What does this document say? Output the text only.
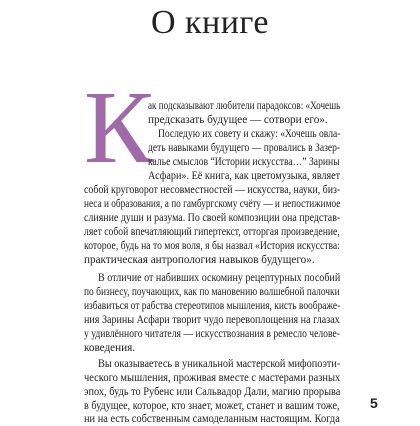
О книге
К

ак подсказывают любители парадоксов: «Хочешь

предсказать будущее — сотвори его».

Последую их совету и скажу: «Хочешь овла-

деть навыками будущего — провались в Зазер-

калье смыслов “Истории искусства…” Зарины

Асфари». Её книга, как цветомузыка, являет

собой круговорот несовместностей — искусства, науки, биз-

неса и образования, а по гамбургскому счёту — и непостижимое

слияние души и разума. По своей композиции она представ-

ляет собой впечатляющий гипертекст, отторгая произведение,

которое, будь на то моя воля, я бы назвал «История искусства:

практическая антропология навыков будущего».

В отличие от набивших оскомину рецептурных пособий

по бизнесу, поучающих, как по мановению волшебной палочки

избавиться от рабства стереотипов мышления, кисть воображе-

ния Зарины Асфари творит чудо перевоплощения на глазах

у удивлённого читателя — искусствознания в ремесло челове-

коведения.

Вы оказываетесь в уникальной мастерской мифопоэти-

ческого мышления, проживая вместе с мастерами разных

эпох, будь то Рубенс или Сальвадор Дали, магию прорыва

в будущее, которое, кто знает, может, станет и вашим тоже,

ни на есть собственным самоделанным настоящим. Когда

5
